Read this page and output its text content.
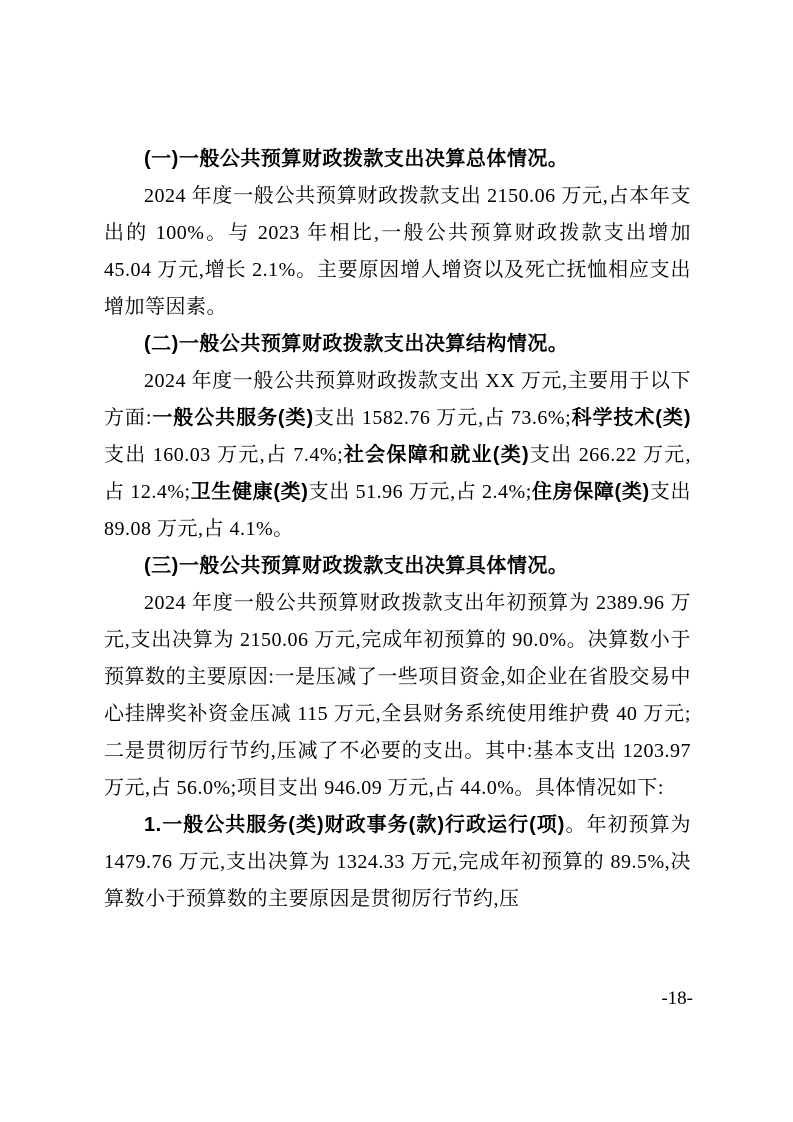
(一)一般公共预算财政拨款支出决算总体情况。

2024 年度一般公共预算财政拨款支出 2150.06 万元,占本年支出的 100%。与 2023 年相比,一般公共预算财政拨款支出增加 45.04 万元,增长 2.1%。主要原因增人增资以及死亡抚恤相应支出增加等因素。

(二)一般公共预算财政拨款支出决算结构情况。

2024 年度一般公共预算财政拨款支出 XX 万元,主要用于以下方面:一般公共服务(类)支出 1582.76 万元,占 73.6%;科学技术(类)支出 160.03 万元,占 7.4%;社会保障和就业(类)支出 266.22 万元,占 12.4%;卫生健康(类)支出 51.96 万元,占 2.4%;住房保障(类)支出 89.08 万元,占 4.1%。

(三)一般公共预算财政拨款支出决算具体情况。

2024 年度一般公共预算财政拨款支出年初预算为 2389.96 万元,支出决算为 2150.06 万元,完成年初预算的 90.0%。决算数小于预算数的主要原因:一是压减了一些项目资金,如企业在省股交易中心挂牌奖补资金压减 115 万元,全县财务系统使用维护费 40 万元;二是贯彻厉行节约,压减了不必要的支出。其中:基本支出 1203.97 万元,占 56.0%;项目支出 946.09 万元,占 44.0%。具体情况如下:

1.一般公共服务(类)财政事务(款)行政运行(项)。年初预算为 1479.76 万元,支出决算为 1324.33 万元,完成年初预算的 89.5%,决算数小于预算数的主要原因是贯彻厉行节约,压

-18-
